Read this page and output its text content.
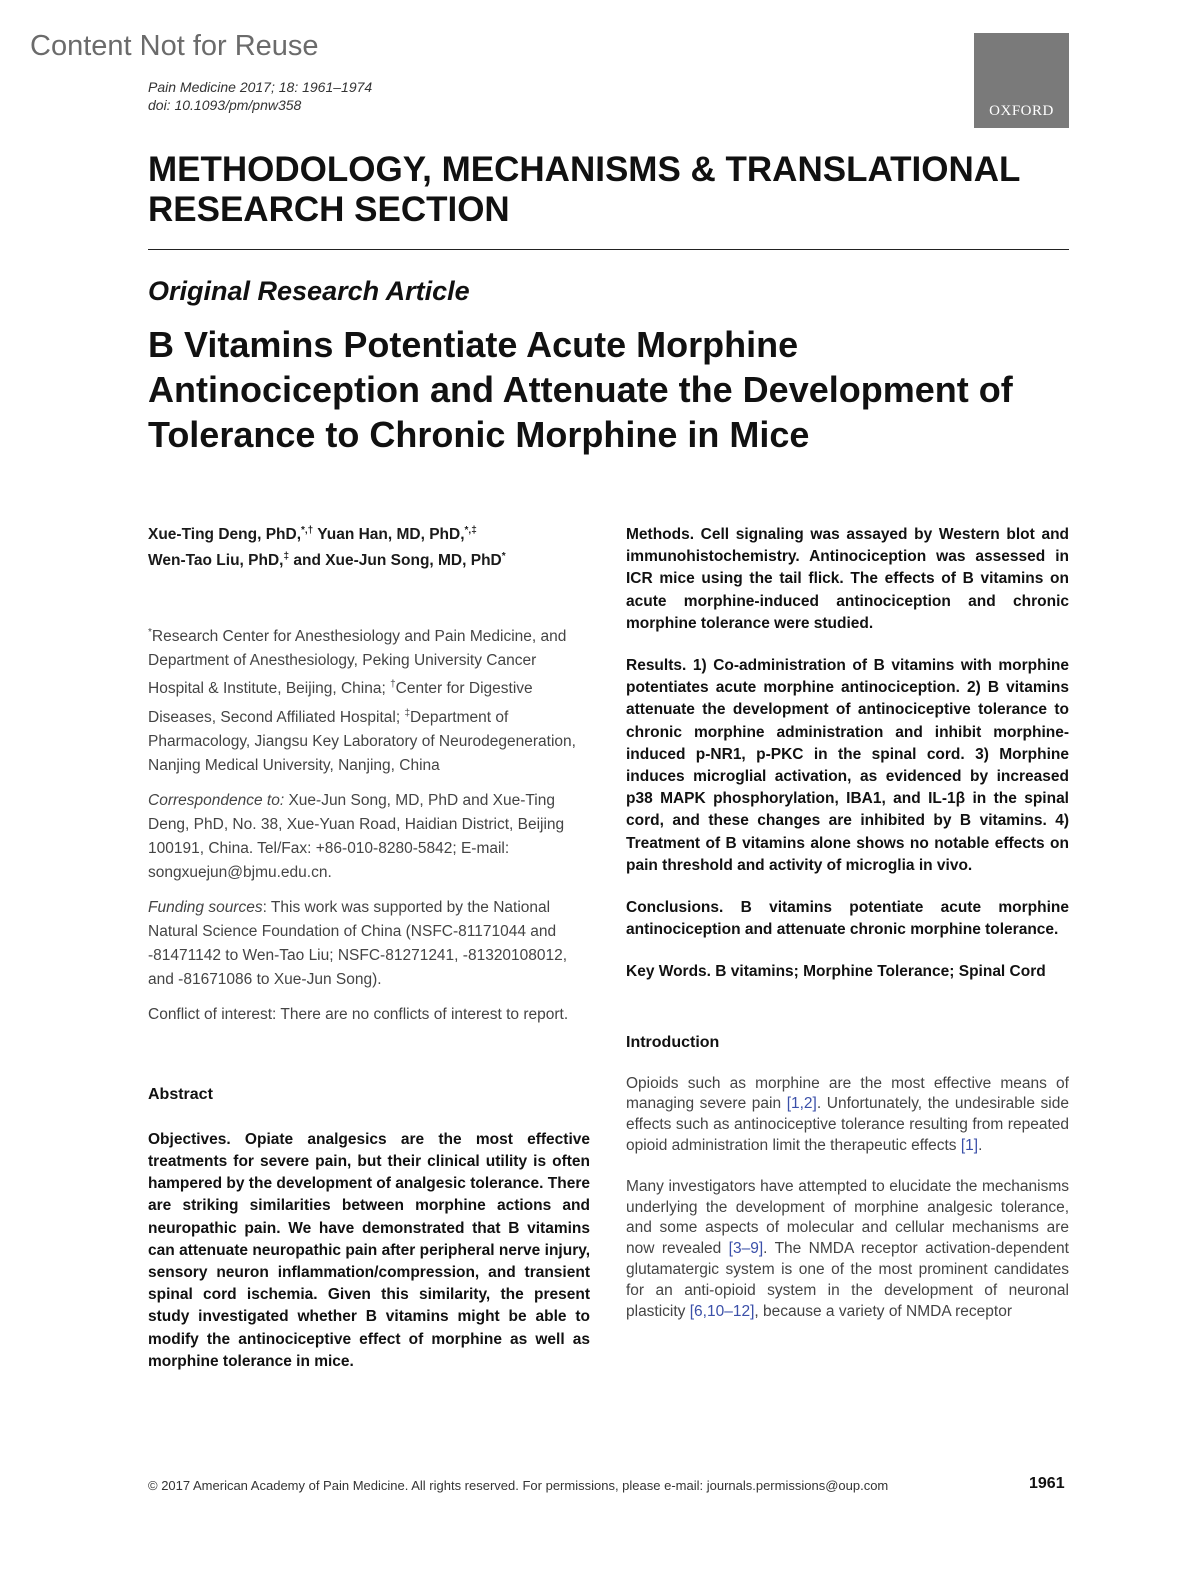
Content Not for Reuse
Pain Medicine 2017; 18: 1961–1974
doi: 10.1093/pm/pnw358	OXFORD
METHODOLOGY, MECHANISMS & TRANSLATIONAL RESEARCH SECTION
Original Research Article
B Vitamins Potentiate Acute Morphine Antinociception and Attenuate the Development of Tolerance to Chronic Morphine in Mice
Xue-Ting Deng, PhD,*,† Yuan Han, MD, PhD,*,‡
Wen-Tao Liu, PhD,‡ and Xue-Jun Song, MD, PhD*

*Research Center for Anesthesiology and Pain Medicine, and Department of Anesthesiology, Peking University Cancer Hospital & Institute, Beijing, China; †Center for Digestive Diseases, Second Affiliated Hospital; ‡Department of Pharmacology, Jiangsu Key Laboratory of Neurodegeneration, Nanjing Medical University, Nanjing, China

Correspondence to: Xue-Jun Song, MD, PhD and Xue-Ting Deng, PhD, No. 38, Xue-Yuan Road, Haidian District, Beijing 100191, China. Tel/Fax: +86-010-8280-5842; E-mail: songxuejun@bjmu.edu.cn.

Funding sources: This work was supported by the National Natural Science Foundation of China (NSFC-81171044 and -81471142 to Wen-Tao Liu; NSFC-81271241, -81320108012, and -81671086 to Xue-Jun Song).

Conflict of interest: There are no conflicts of interest to report.

Abstract

Objectives. Opiate analgesics are the most effective treatments for severe pain, but their clinical utility is often hampered by the development of analgesic tolerance. There are striking similarities between morphine actions and neuropathic pain. We have demonstrated that B vitamins can attenuate neuropathic pain after peripheral nerve injury, sensory neuron inflammation/compression, and transient spinal cord ischemia. Given this similarity, the present study investigated whether B vitamins might be able to modify the antinociceptive effect of morphine as well as morphine tolerance in mice.

Methods. Cell signaling was assayed by Western blot and immunohistochemistry. Antinociception was assessed in ICR mice using the tail flick. The effects of B vitamins on acute morphine-induced antinociception and chronic morphine tolerance were studied.

Results. 1) Co-administration of B vitamins with morphine potentiates acute morphine antinociception. 2) B vitamins attenuate the development of antinociceptive tolerance to chronic morphine administration and inhibit morphine-induced p-NR1, p-PKC in the spinal cord. 3) Morphine induces microglial activation, as evidenced by increased p38 MAPK phosphorylation, IBA1, and IL-1β in the spinal cord, and these changes are inhibited by B vitamins. 4) Treatment of B vitamins alone shows no notable effects on pain threshold and activity of microglia in vivo.

Conclusions. B vitamins potentiate acute morphine antinociception and attenuate chronic morphine tolerance.

Key Words. B vitamins; Morphine Tolerance; Spinal Cord

Introduction

Opioids such as morphine are the most effective means of managing severe pain [1,2]. Unfortunately, the undesirable side effects such as antinociceptive tolerance resulting from repeated opioid administration limit the therapeutic effects [1].

Many investigators have attempted to elucidate the mechanisms underlying the development of morphine analgesic tolerance, and some aspects of molecular and cellular mechanisms are now revealed [3–9]. The NMDA receptor activation-dependent glutamatergic system is one of the most prominent candidates for an anti-opioid system in the development of neuronal plasticity [6,10–12], because a variety of NMDA receptor

© 2017 American Academy of Pain Medicine. All rights reserved. For permissions, please e-mail: journals.permissions@oup.com	1961
